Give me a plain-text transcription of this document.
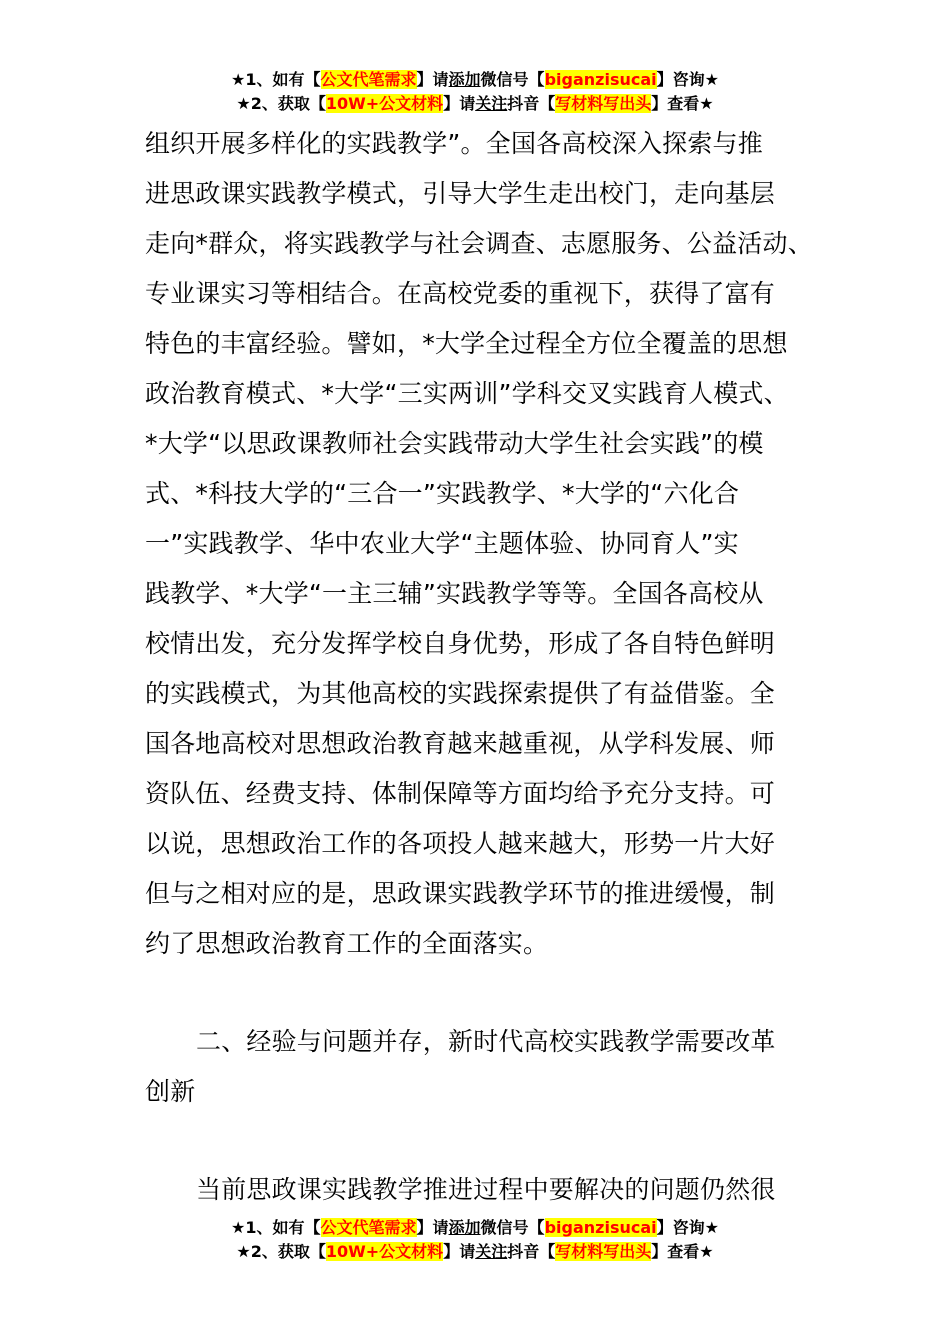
★1、如有【公文代笔需求】请添加微信号【biganzisucai】咨询★
★2、获取【10W+公文材料】请关注抖音【写材料写出头】查看★
组织开展多样化的实践教学”。全国各高校深入探索与推
进思政课实践教学模式，引导大学生走出校门，走向基层
走向*群众，将实践教学与社会调查、志愿服务、公益活动、
专业课实习等相结合。在高校党委的重视下，获得了富有
特色的丰富经验。譬如，*大学全过程全方位全覆盖的思想
政治教育模式、*大学“三实两训”学科交叉实践育人模式、
*大学“以思政课教师社会实践带动大学生社会实践”的模
式、*科技大学的“三合一”实践教学、*大学的“六化合
一”实践教学、华中农业大学“主题体验、协同育人”实
践教学、*大学“一主三辅”实践教学等等。全国各高校从
校情出发，充分发挥学校自身优势，形成了各自特色鲜明
的实践模式，为其他高校的实践探索提供了有益借鉴。全
国各地高校对思想政治教育越来越重视，从学科发展、师
资队伍、经费支持、体制保障等方面均给予充分支持。可
以说，思想政治工作的各项投人越来越大，形势一片大好
但与之相对应的是，思政课实践教学环节的推进缓慢，制
约了思想政治教育工作的全面落实。
二、经验与问题并存，新时代高校实践教学需要改革
创新
当前思政课实践教学推进过程中要解决的问题仍然很
★1、如有【公文代笔需求】请添加微信号【biganzisucai】咨询★
★2、获取【10W+公文材料】请关注抖音【写材料写出头】查看★
